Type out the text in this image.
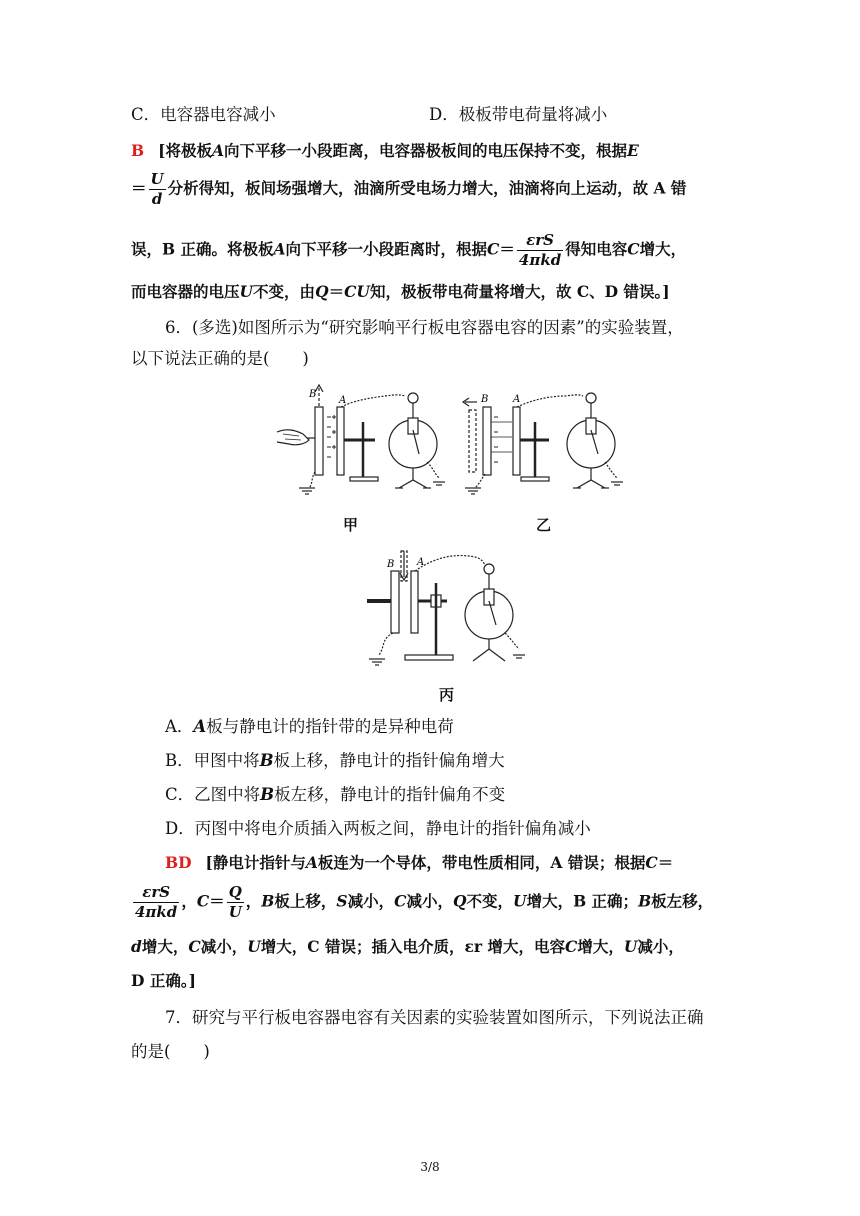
C．电容器电容减小	D．极板带电荷量将减小
B [将极板A向下平移一小段距离，电容器极板间的电压保持不变，根据E
＝ $\frac{U}{d}$ 分析得知，板间场强增大，油滴所受电场力增大，油滴将向上运动，故 A 错
误，B 正确。将极板A向下平移一小段距离时，根据$C= \frac{\text{εrS}}{\text{4πkd}}$ 得知电容C增大，
而电容器的电压U不变，由Q＝CU知，极板带电荷量将增大，故 C、D 错误。]
6．(多选)如图所示为“研究影响平行板电容器电容的因素”的实验装置，
以下说法正确的是(　　)
B
A	B A
甲	乙
B A
丙
A．A板与静电计的指针带的是异种电荷
B．甲图中将B板上移，静电计的指针偏角增大
C．乙图中将B板左移，静电计的指针偏角不变
D．丙图中将电介质插入两板之间，静电计的指针偏角减小
BD [静电计指针与A板连为一个导体，带电性质相同，A 错误；根据C＝
$\frac{\text{εrS}}{\text{4πkd}}$ ，$C= \frac{Q}{U}$ ，B板上移，S减小，C减小，Q不变，U增大，B 正确；B板左移，
d增大，C减小，U增大，C 错误；插入电介质，εr 增大，电容C增大，U减小，
D 正确。]
7．研究与平行板电容器电容有关因素的实验装置如图所示，下列说法正确
的是(　　)
3/8
